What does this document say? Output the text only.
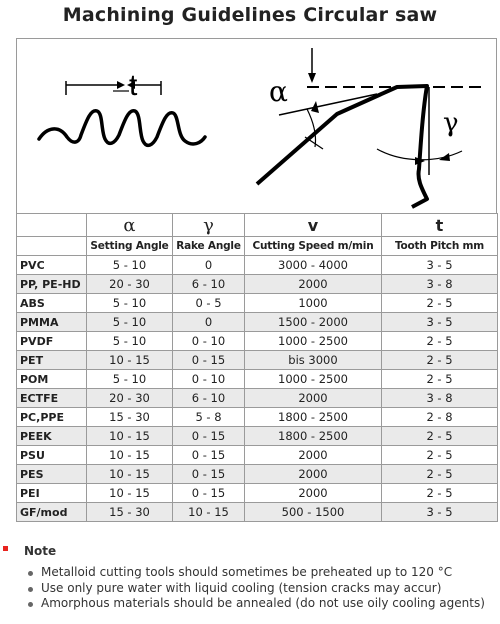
Machining Guidelines Circular saw
t	α
γ
	α	γ	v	t
	Setting Angle	Rake Angle	Cutting Speed m/min	Tooth Pitch mm
PVC	5 - 10	0	3000 - 4000	3 - 5
PP, PE-HD	20 - 30	6 - 10	2000	3 - 8
ABS	5 - 10	0 - 5	1000	2 - 5
PMMA	5 - 10	0	1500 - 2000	3 - 5
PVDF	5 - 10	0 - 10	1000 - 2500	2 - 5
PET	10 - 15	0 - 15	bis 3000	2 - 5
POM	5 - 10	0 - 10	1000 - 2500	2 - 5
ECTFE	20 - 30	6 - 10	2000	3 - 8
PC,PPE	15 - 30	5 - 8	1800 - 2500	2 - 8
PEEK	10 - 15	0 - 15	1800 - 2500	2 - 5
PSU	10 - 15	0 - 15	2000	2 - 5
PES	10 - 15	0 - 15	2000	2 - 5
PEI	10 - 15	0 - 15	2000	2 - 5
GF/mod	15 - 30	10 - 15	500 - 1500	3 - 5
Note
Metalloid cutting tools should sometimes be preheated up to 120 °C
Use only pure water with liquid cooling (tension cracks may accur)
Amorphous materials should be annealed (do not use oily cooling agents)
